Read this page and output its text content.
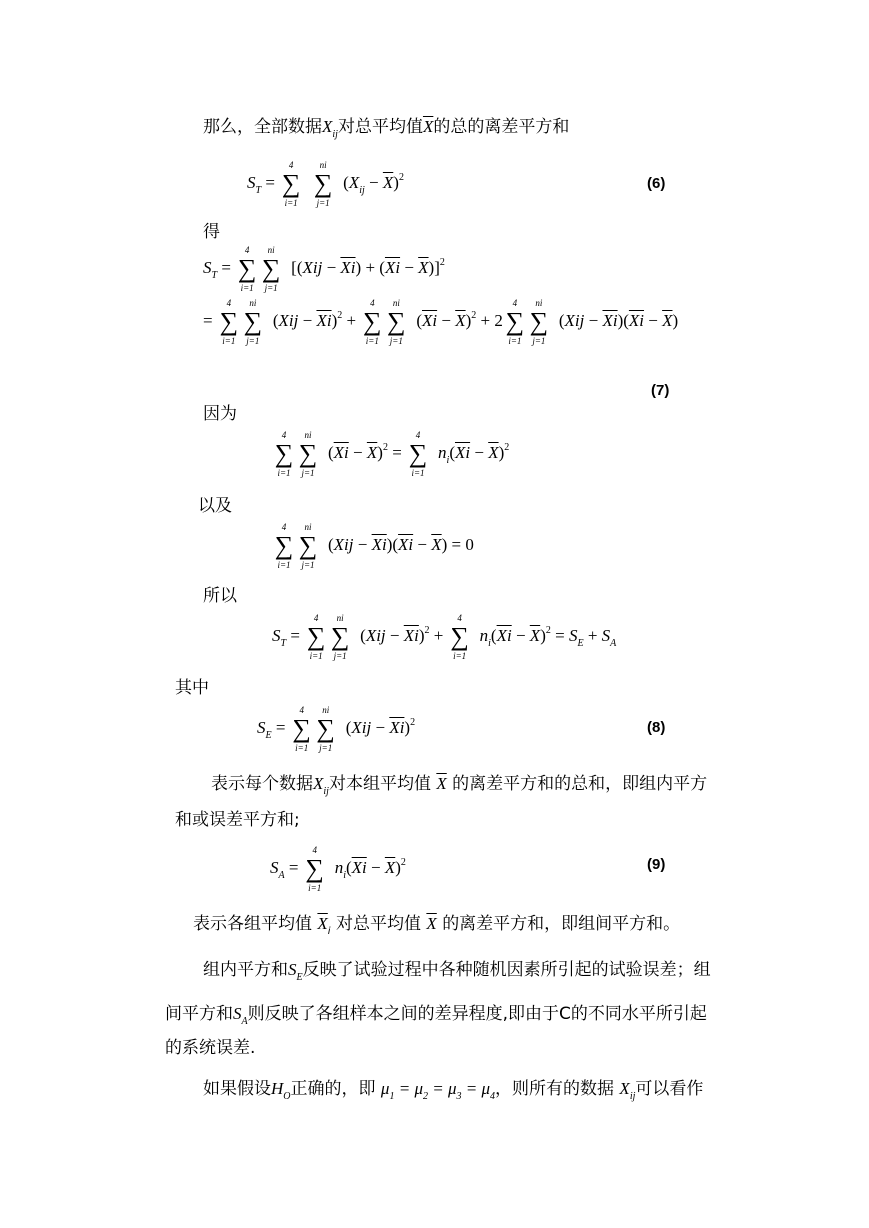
那么，全部数据$X_{ij}$对总平均值$\overline{X}$的总的离差平方和
$S_T$ =
4
∑
i=1
ni
∑
j=1
$(X_{ij} - \overline{X})^2$	(6)
得
$S_T$ =
4
∑
i=1
ni
∑
j=1
$[(Xij - \overline{Xi}) + (\overline{Xi} - \overline{X})]^2$
=
4
∑
i=1
ni
∑
j=1
$(Xij - \overline{Xi})^2$ +
4
∑
i=1
ni
∑
j=1
$(\overline{Xi} - \overline{X})^2 + 2$
4
∑
i=1
ni
∑
j=1
$(Xij - \overline{Xi})(\overline{Xi} - \overline{X})$
(7)
因为
4
∑
i=1
ni
∑
j=1
$(\overline{Xi} - \overline{X})^2$ =
4
∑
i=1
$n_i(\overline{Xi} - \overline{X})^2$
以及
4
∑
i=1
ni
∑
j=1
$(Xij - \overline{Xi})(\overline{Xi} - \overline{X}) = 0$
所以
$S_T$ =
4
∑
i=1
ni
∑
j=1
$(Xij - \overline{Xi})^2$ +
4
∑
i=1
$n_i(\overline{Xi} - \overline{X})^2 = S_E + S_A$
其中
$S_E$ =
4
∑
i=1
ni
∑
j=1
$(Xij - \overline{Xi})^2$	(8)
表示每个数据$X_{ij}$对本组平均值 $\overline{X}$ 的离差平方和的总和，即组内平方
和或误差平方和;
$S_A$ =
4
∑
i=1
$n_i(\overline{Xi} - \overline{X})^2$	(9)
表示各组平均值 $\overline{X}_i$ 对总平均值 $\overline{X}$ 的离差平方和，即组间平方和。
组内平方和$S_E$反映了试验过程中各种随机因素所引起的试验误差；组
间平方和$S_A$则反映了各组样本之间的差异程度,即由于C的不同水平所引起
的系统误差.
如果假设$H_O$正确的，即 $\mu_1 = \mu_2 = \mu_3 = \mu_4$，则所有的数据 $X_{ij}$可以看作
